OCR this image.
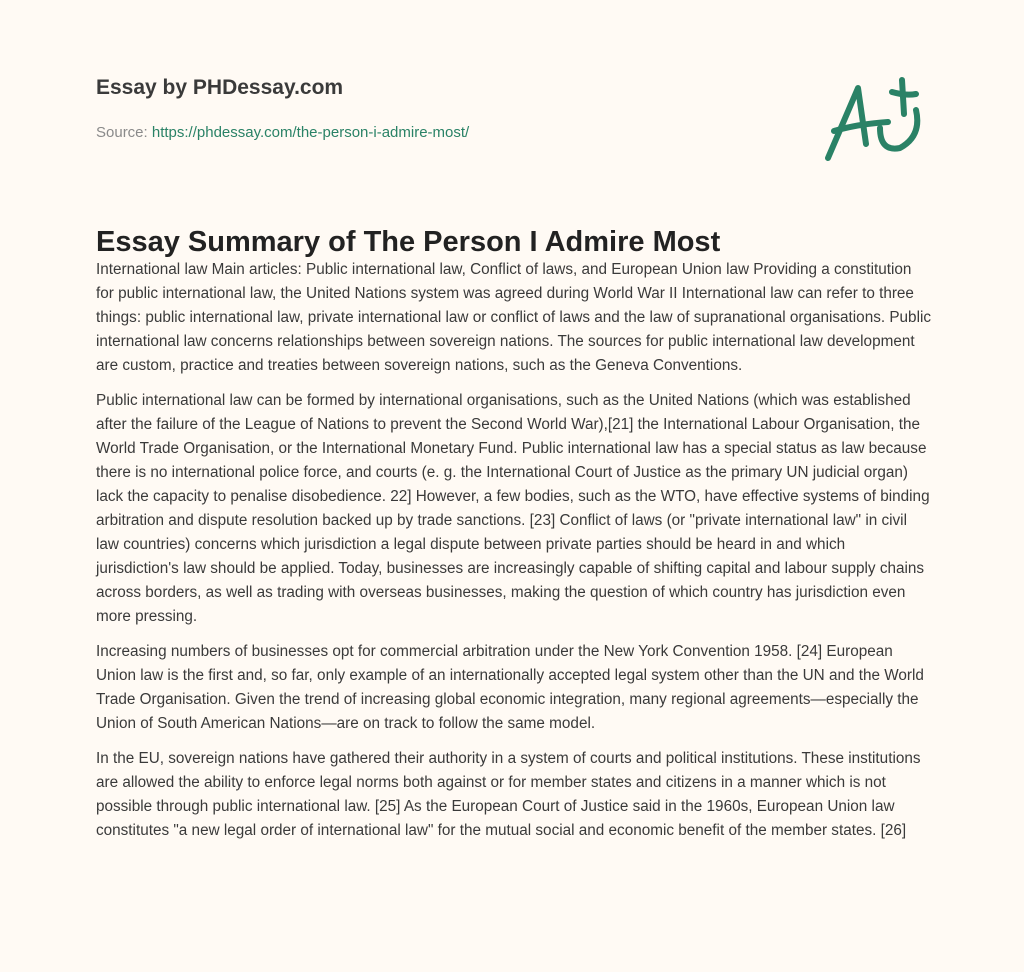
Essay by PHDessay.com
Source: https://phdessay.com/the-person-i-admire-most/
Essay Summary of The Person I Admire Most

International law Main articles: Public international law, Conflict of laws, and European Union law Providing a constitution for public international law, the United Nations system was agreed during World War II International law can refer to three things: public international law, private international law or conflict of laws and the law of supranational organisations. Public international law concerns relationships between sovereign nations. The sources for public international law development are custom, practice and treaties between sovereign nations, such as the Geneva Conventions.

Public international law can be formed by international organisations, such as the United Nations (which was established after the failure of the League of Nations to prevent the Second World War),[21] the International Labour Organisation, the World Trade Organisation, or the International Monetary Fund. Public international law has a special status as law because there is no international police force, and courts (e. g. the International Court of Justice as the primary UN judicial organ) lack the capacity to penalise disobedience. 22] However, a few bodies, such as the WTO, have effective systems of binding arbitration and dispute resolution backed up by trade sanctions. [23] Conflict of laws (or "private international law" in civil law countries) concerns which jurisdiction a legal dispute between private parties should be heard in and which jurisdiction's law should be applied. Today, businesses are increasingly capable of shifting capital and labour supply chains across borders, as well as trading with overseas businesses, making the question of which country has jurisdiction even more pressing.

Increasing numbers of businesses opt for commercial arbitration under the New York Convention 1958. [24] European Union law is the first and, so far, only example of an internationally accepted legal system other than the UN and the World Trade Organisation. Given the trend of increasing global economic integration, many regional agreements—especially the Union of South American Nations—are on track to follow the same model.

In the EU, sovereign nations have gathered their authority in a system of courts and political institutions. These institutions are allowed the ability to enforce legal norms both against or for member states and citizens in a manner which is not possible through public international law. [25] As the European Court of Justice said in the 1960s, European Union law constitutes "a new legal order of international law" for the mutual social and economic benefit of the member states. [26]
